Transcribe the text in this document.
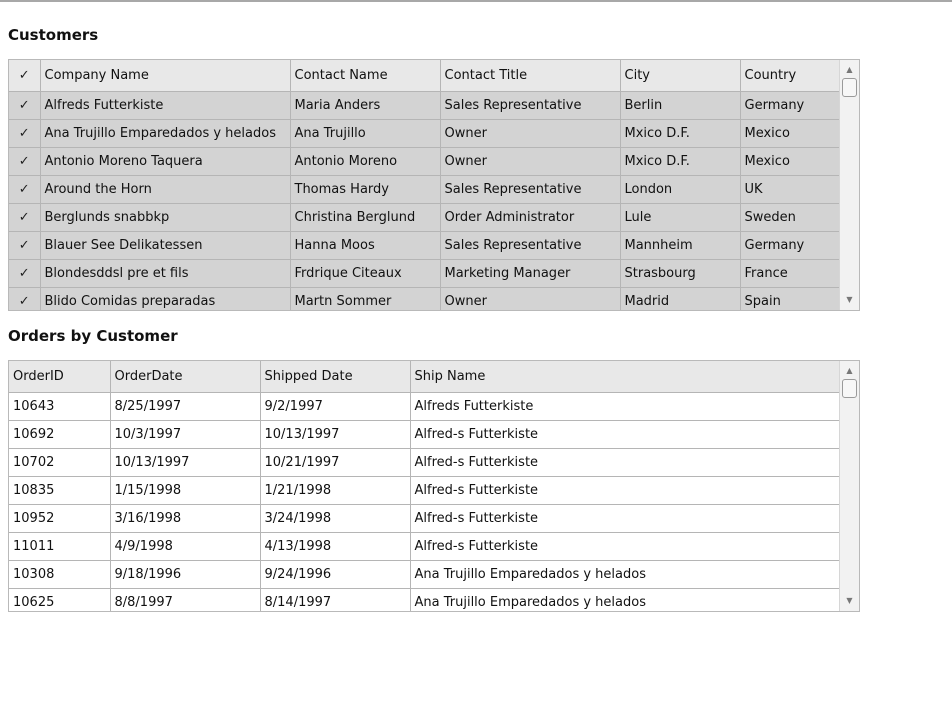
Customers
✓	Company Name	Contact Name	Contact Title	City	Country
✓	Alfreds Futterkiste	Maria Anders	Sales Representative	Berlin	Germany
✓	Ana Trujillo Emparedados y helados	Ana Trujillo	Owner	Mxico D.F.	Mexico
✓	Antonio Moreno Taquera	Antonio Moreno	Owner	Mxico D.F.	Mexico
✓	Around the Horn	Thomas Hardy	Sales Representative	London	UK
✓	Berglunds snabbkp	Christina Berglund	Order Administrator	Lule	Sweden
✓	Blauer See Delikatessen	Hanna Moos	Sales Representative	Mannheim	Germany
✓	Blondesddsl pre et fils	Frdrique Citeaux	Marketing Manager	Strasbourg	France
✓	Blido Comidas preparadas	Martn Sommer	Owner	Madrid	Spain
▲
▼
Orders by Customer
OrderID	OrderDate	Shipped Date	Ship Name
10643	8/25/1997	9/2/1997	Alfreds Futterkiste
10692	10/3/1997	10/13/1997	Alfred-s Futterkiste
10702	10/13/1997	10/21/1997	Alfred-s Futterkiste
10835	1/15/1998	1/21/1998	Alfred-s Futterkiste
10952	3/16/1998	3/24/1998	Alfred-s Futterkiste
11011	4/9/1998	4/13/1998	Alfred-s Futterkiste
10308	9/18/1996	9/24/1996	Ana Trujillo Emparedados y helados
10625	8/8/1997	8/14/1997	Ana Trujillo Emparedados y helados
▲
▼
